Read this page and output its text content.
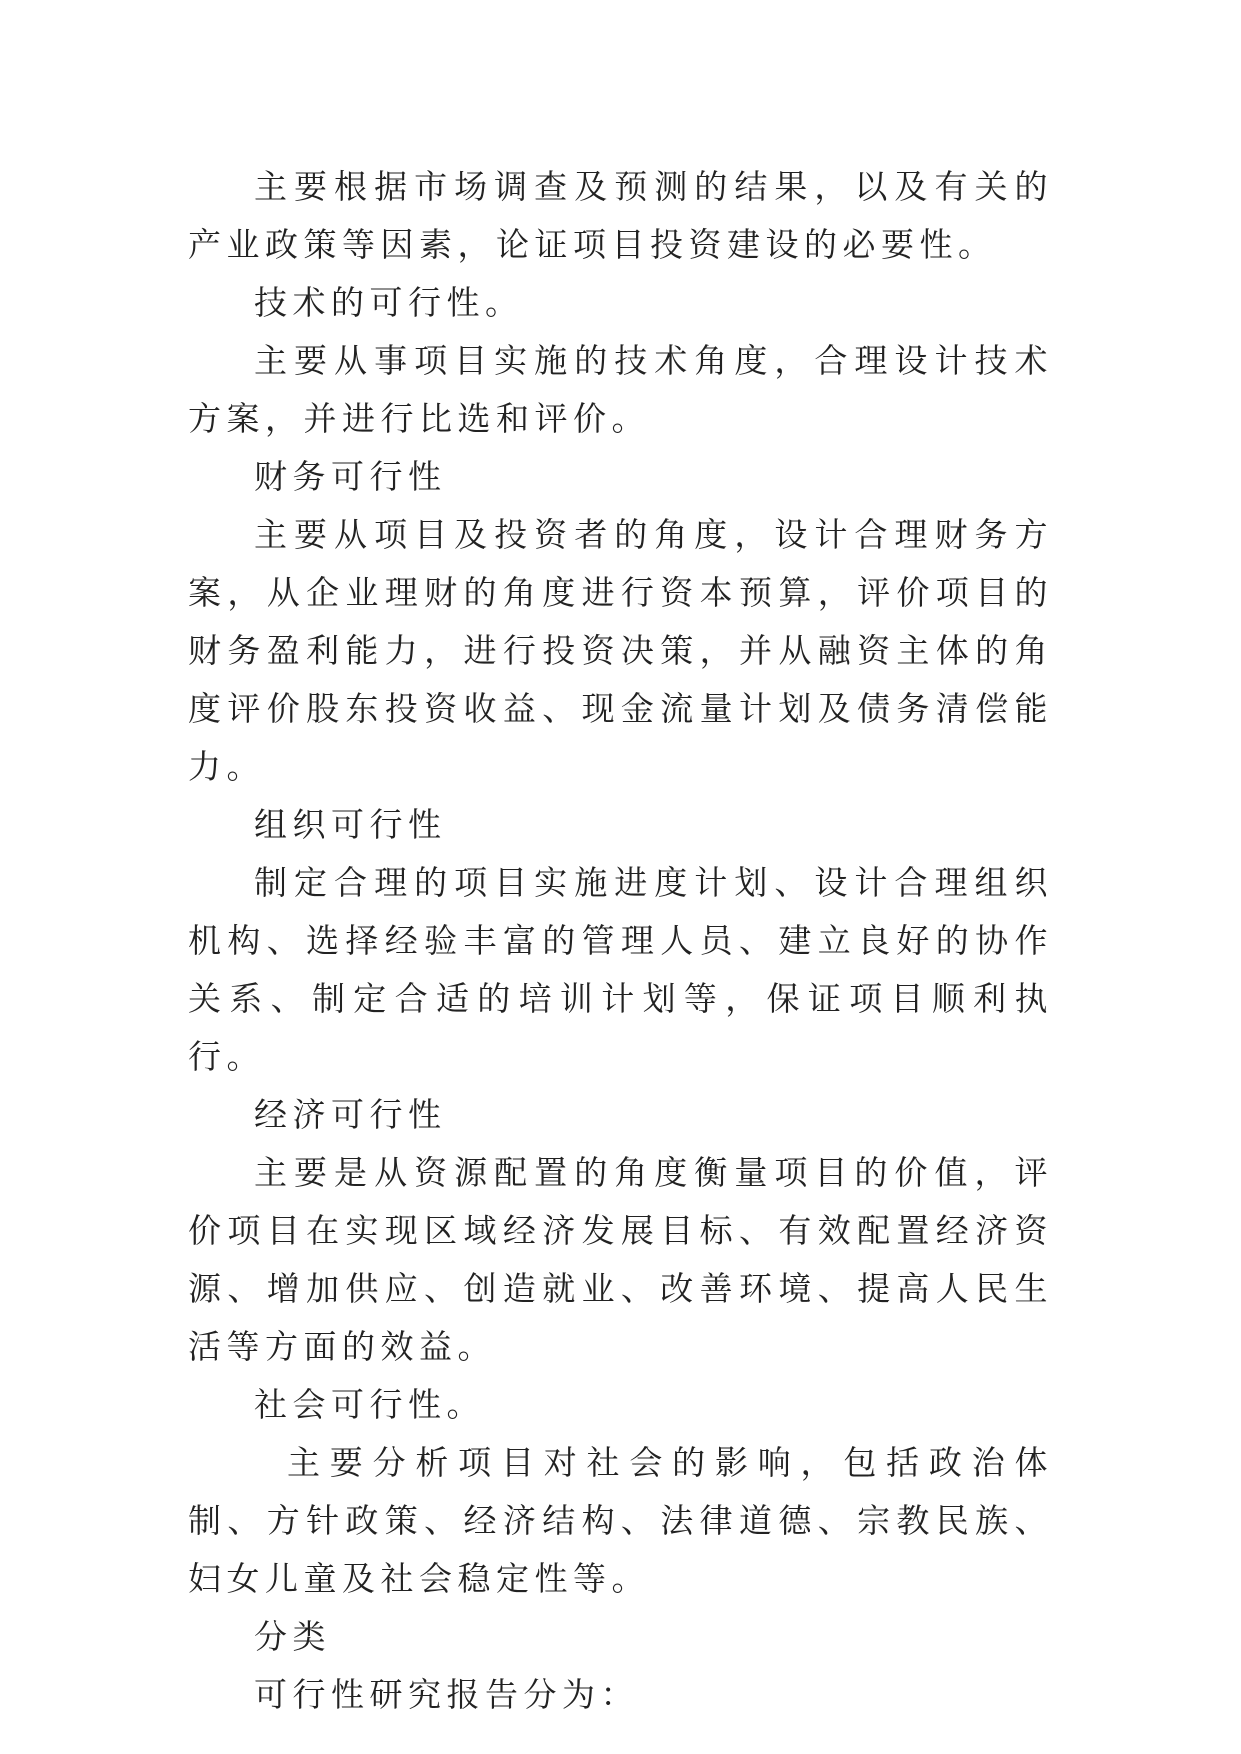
主要根据市场调查及预测的结果，以及有关的产业政策等因素，论证项目投资建设的必要性。

技术的可行性。

主要从事项目实施的技术角度，合理设计技术方案，并进行比选和评价。

财务可行性

主要从项目及投资者的角度，设计合理财务方案，从企业理财的角度进行资本预算，评价项目的财务盈利能力，进行投资决策，并从融资主体的角度评价股东投资收益、现金流量计划及债务清偿能力。

组织可行性

制定合理的项目实施进度计划、设计合理组织机构、选择经验丰富的管理人员、建立良好的协作关系、制定合适的培训计划等，保证项目顺利执行。

经济可行性

主要是从资源配置的角度衡量项目的价值，评价项目在实现区域经济发展目标、有效配置经济资源、增加供应、创造就业、改善环境、提高人民生活等方面的效益。

社会可行性。

主要分析项目对社会的影响，包括政治体制、方针政策、经济结构、法律道德、宗教民族、妇女儿童及社会稳定性等。

分类

可行性研究报告分为：
